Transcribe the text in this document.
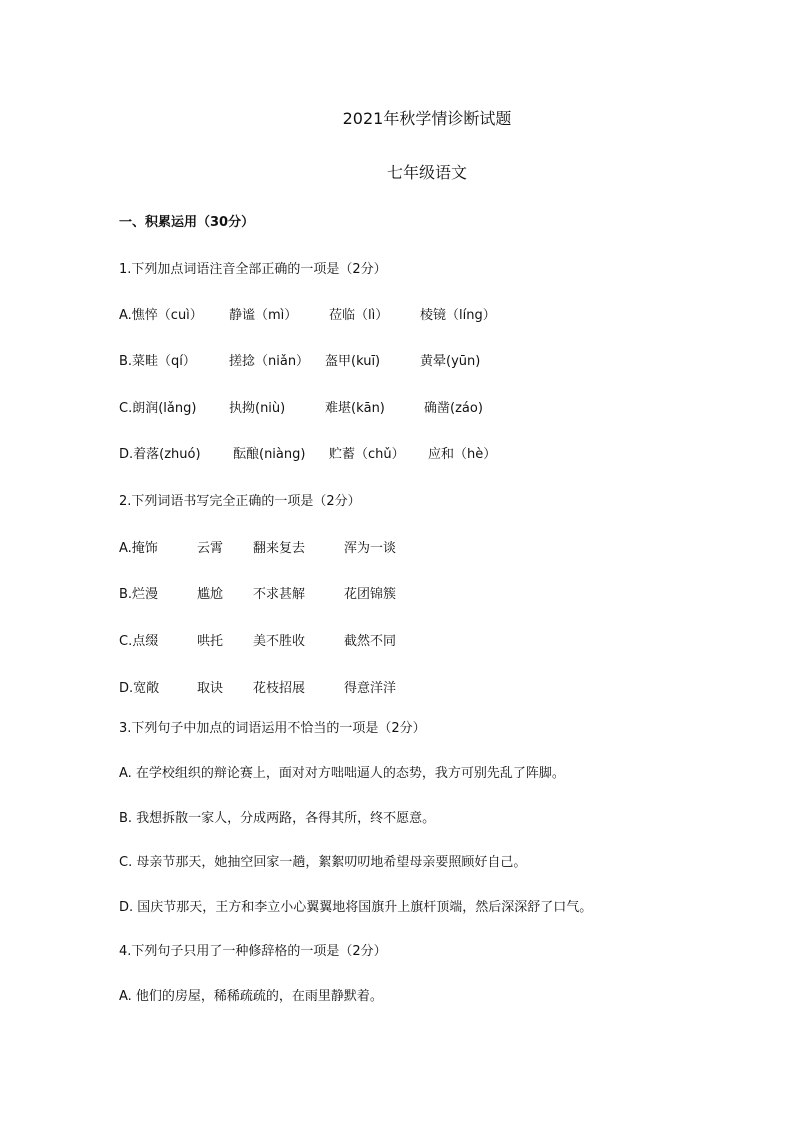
2021年秋学情诊断试题
七年级语文
一、积累运用（30分）
1.下列加点词语注音全部正确的一项是（2分）
A.憔悴（cuì） 静谧（mì） 莅临（lì） 棱镜（líng）
B.菜畦（qí）	搓捻（niǎn） 盔甲(kuī)	黄晕(yūn)
C.朗润(lǎng)	执拗(niù)	难堪(kān)	确凿(záo)
D.着落(zhuó) 酝酿(niàng) 贮蓄（chǔ） 应和（hè）
2.下列词语书写完全正确的一项是（2分）
A.掩饰	云霄 翻来复去	浑为一谈
B.烂漫	尴尬 不求甚解	花团锦簇
C.点缀	哄托 美不胜收	截然不同
D.宽敞	取诀 花枝招展	得意洋洋
3.下列句子中加点的词语运用不恰当的一项是（2分）
A. 在学校组织的辩论赛上，面对对方咄咄逼人的态势，我方可别先乱了阵脚。
B. 我想拆散一家人，分成两路，各得其所，终不愿意。
C. 母亲节那天，她抽空回家一趟，絮絮叨叨地希望母亲要照顾好自己。
D. 国庆节那天，王方和李立小心翼翼地将国旗升上旗杆顶端，然后深深舒了口气。
4.下列句子只用了一种修辞格的一项是（2分）
A. 他们的房屋，稀稀疏疏的，在雨里静默着。
